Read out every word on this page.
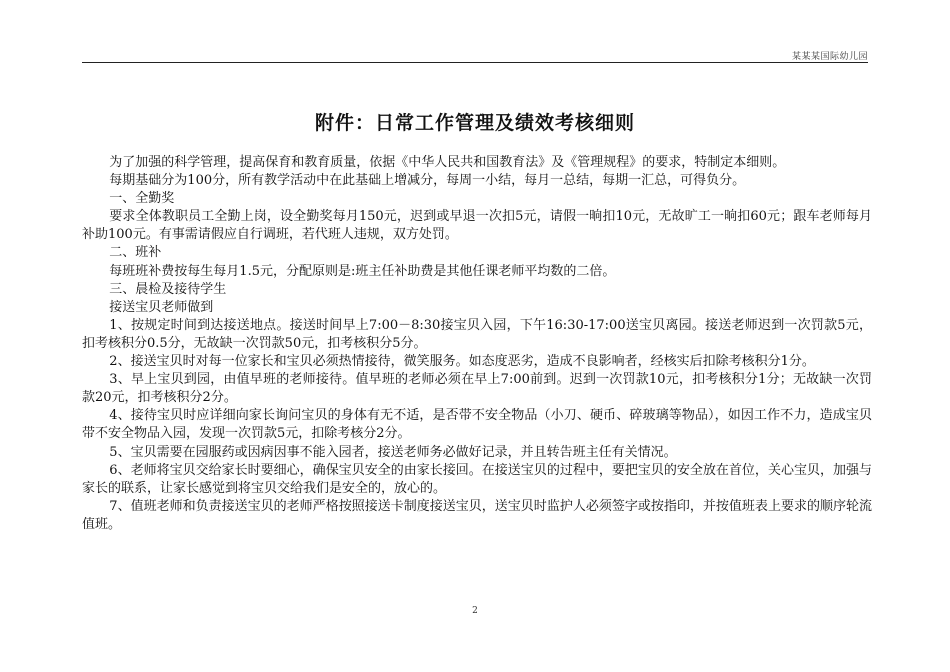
某某某国际幼儿园
附件：日常工作管理及绩效考核细则

为了加强的科学管理，提高保育和教育质量，依据《中华人民共和国教育法》及《管理规程》的要求，特制定本细则。

每期基础分为100分，所有教学活动中在此基础上增减分，每周一小结，每月一总结，每期一汇总，可得负分。

一、全勤奖

要求全体教职员工全勤上岗，设全勤奖每月150元，迟到或早退一次扣5元，请假一晌扣10元，无故旷工一晌扣60元；跟车老师每月补助100元。有事需请假应自行调班，若代班人违规，双方处罚。

二、班补

每班班补费按每生每月1.5元，分配原则是:班主任补助费是其他任课老师平均数的二倍。

三、晨检及接待学生

接送宝贝老师做到

1、按规定时间到达接送地点。接送时间早上7:00－8:30接宝贝入园，下午16:30-17:00送宝贝离园。接送老师迟到一次罚款5元，扣考核积分0.5分，无故缺一次罚款50元，扣考核积分5分。

2、接送宝贝时对每一位家长和宝贝必须热情接待，微笑服务。如态度恶劣，造成不良影响者，经核实后扣除考核积分1分。

3、早上宝贝到园，由值早班的老师接待。值早班的老师必须在早上7:00前到。迟到一次罚款10元，扣考核积分1分；无故缺一次罚款20元，扣考核积分2分。

4、接待宝贝时应详细向家长询问宝贝的身体有无不适，是否带不安全物品（小刀、硬币、碎玻璃等物品），如因工作不力，造成宝贝带不安全物品入园，发现一次罚款5元，扣除考核分2分。

5、宝贝需要在园服药或因病因事不能入园者，接送老师务必做好记录，并且转告班主任有关情况。

6、老师将宝贝交给家长时要细心，确保宝贝安全的由家长接回。在接送宝贝的过程中，要把宝贝的安全放在首位，关心宝贝，加强与家长的联系，让家长感觉到将宝贝交给我们是安全的，放心的。

7、值班老师和负责接送宝贝的老师严格按照接送卡制度接送宝贝，送宝贝时监护人必须签字或按指印，并按值班表上要求的顺序轮流值班。

2
